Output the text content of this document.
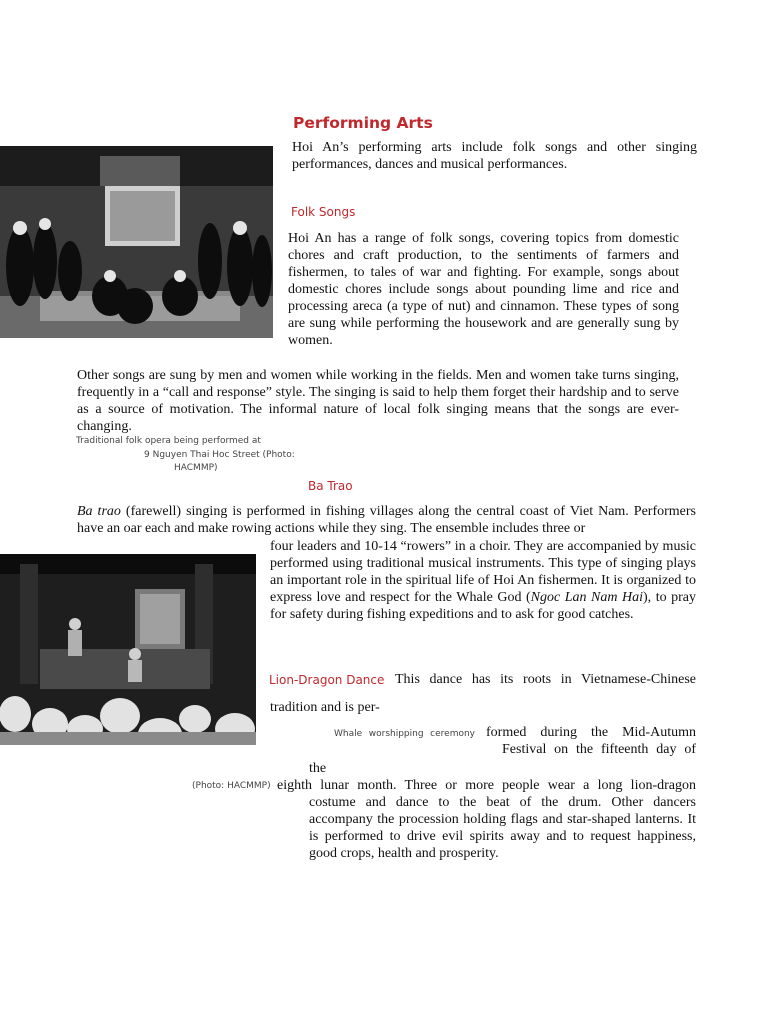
Performing Arts
Hoi An’s performing arts include folk songs and other singing performances, dances and musical performances.
Folk Songs
Hoi An has a range of folk songs, covering topics from domestic chores and craft production, to the sentiments of farmers and fishermen, to tales of war and fighting. For example, songs about domestic chores include songs about pounding lime and rice and processing areca (a type of nut) and cinnamon. These types of song are sung while performing the housework and are generally sung by women.
Other songs are sung by men and women while working in the fields. Men and women take turns singing, frequently in a “call and response” style. The singing is said to help them forget their hardship and to serve as a source of motivation. The informal nature of local folk singing means that the songs are ever-changing.
Traditional folk opera being performed at
9 Nguyen Thai Hoc Street (Photo:
HACMMP)
Ba Trao
Ba trao (farewell) singing is performed in fishing villages along the central coast of Viet Nam. Performers have an oar each and make rowing actions while they sing. The ensemble includes three or
four leaders and 10-14 “rowers” in a choir. They are accompanied by music performed using traditional musical instruments. This type of singing plays an important role in the spiritual life of Hoi An fishermen. It is organized to express love and respect for the Whale God (Ngoc Lan Nam Hai), to pray for safety during fishing expeditions and to ask for good catches.
Lion-Dragon Dance This dance has its roots in Vietnamese-Chinese
tradition and is per-
Whale worshipping ceremony formed during the Mid-Autumn
Festival on the fifteenth day of
the
(Photo: HACMMP) eighth lunar month. Three or more people wear a long lion-dragon
costume and dance to the beat of the drum. Other dancers accompany the procession holding flags and star-shaped lanterns. It is performed to drive evil spirits away and to request happiness, good crops, health and prosperity.
